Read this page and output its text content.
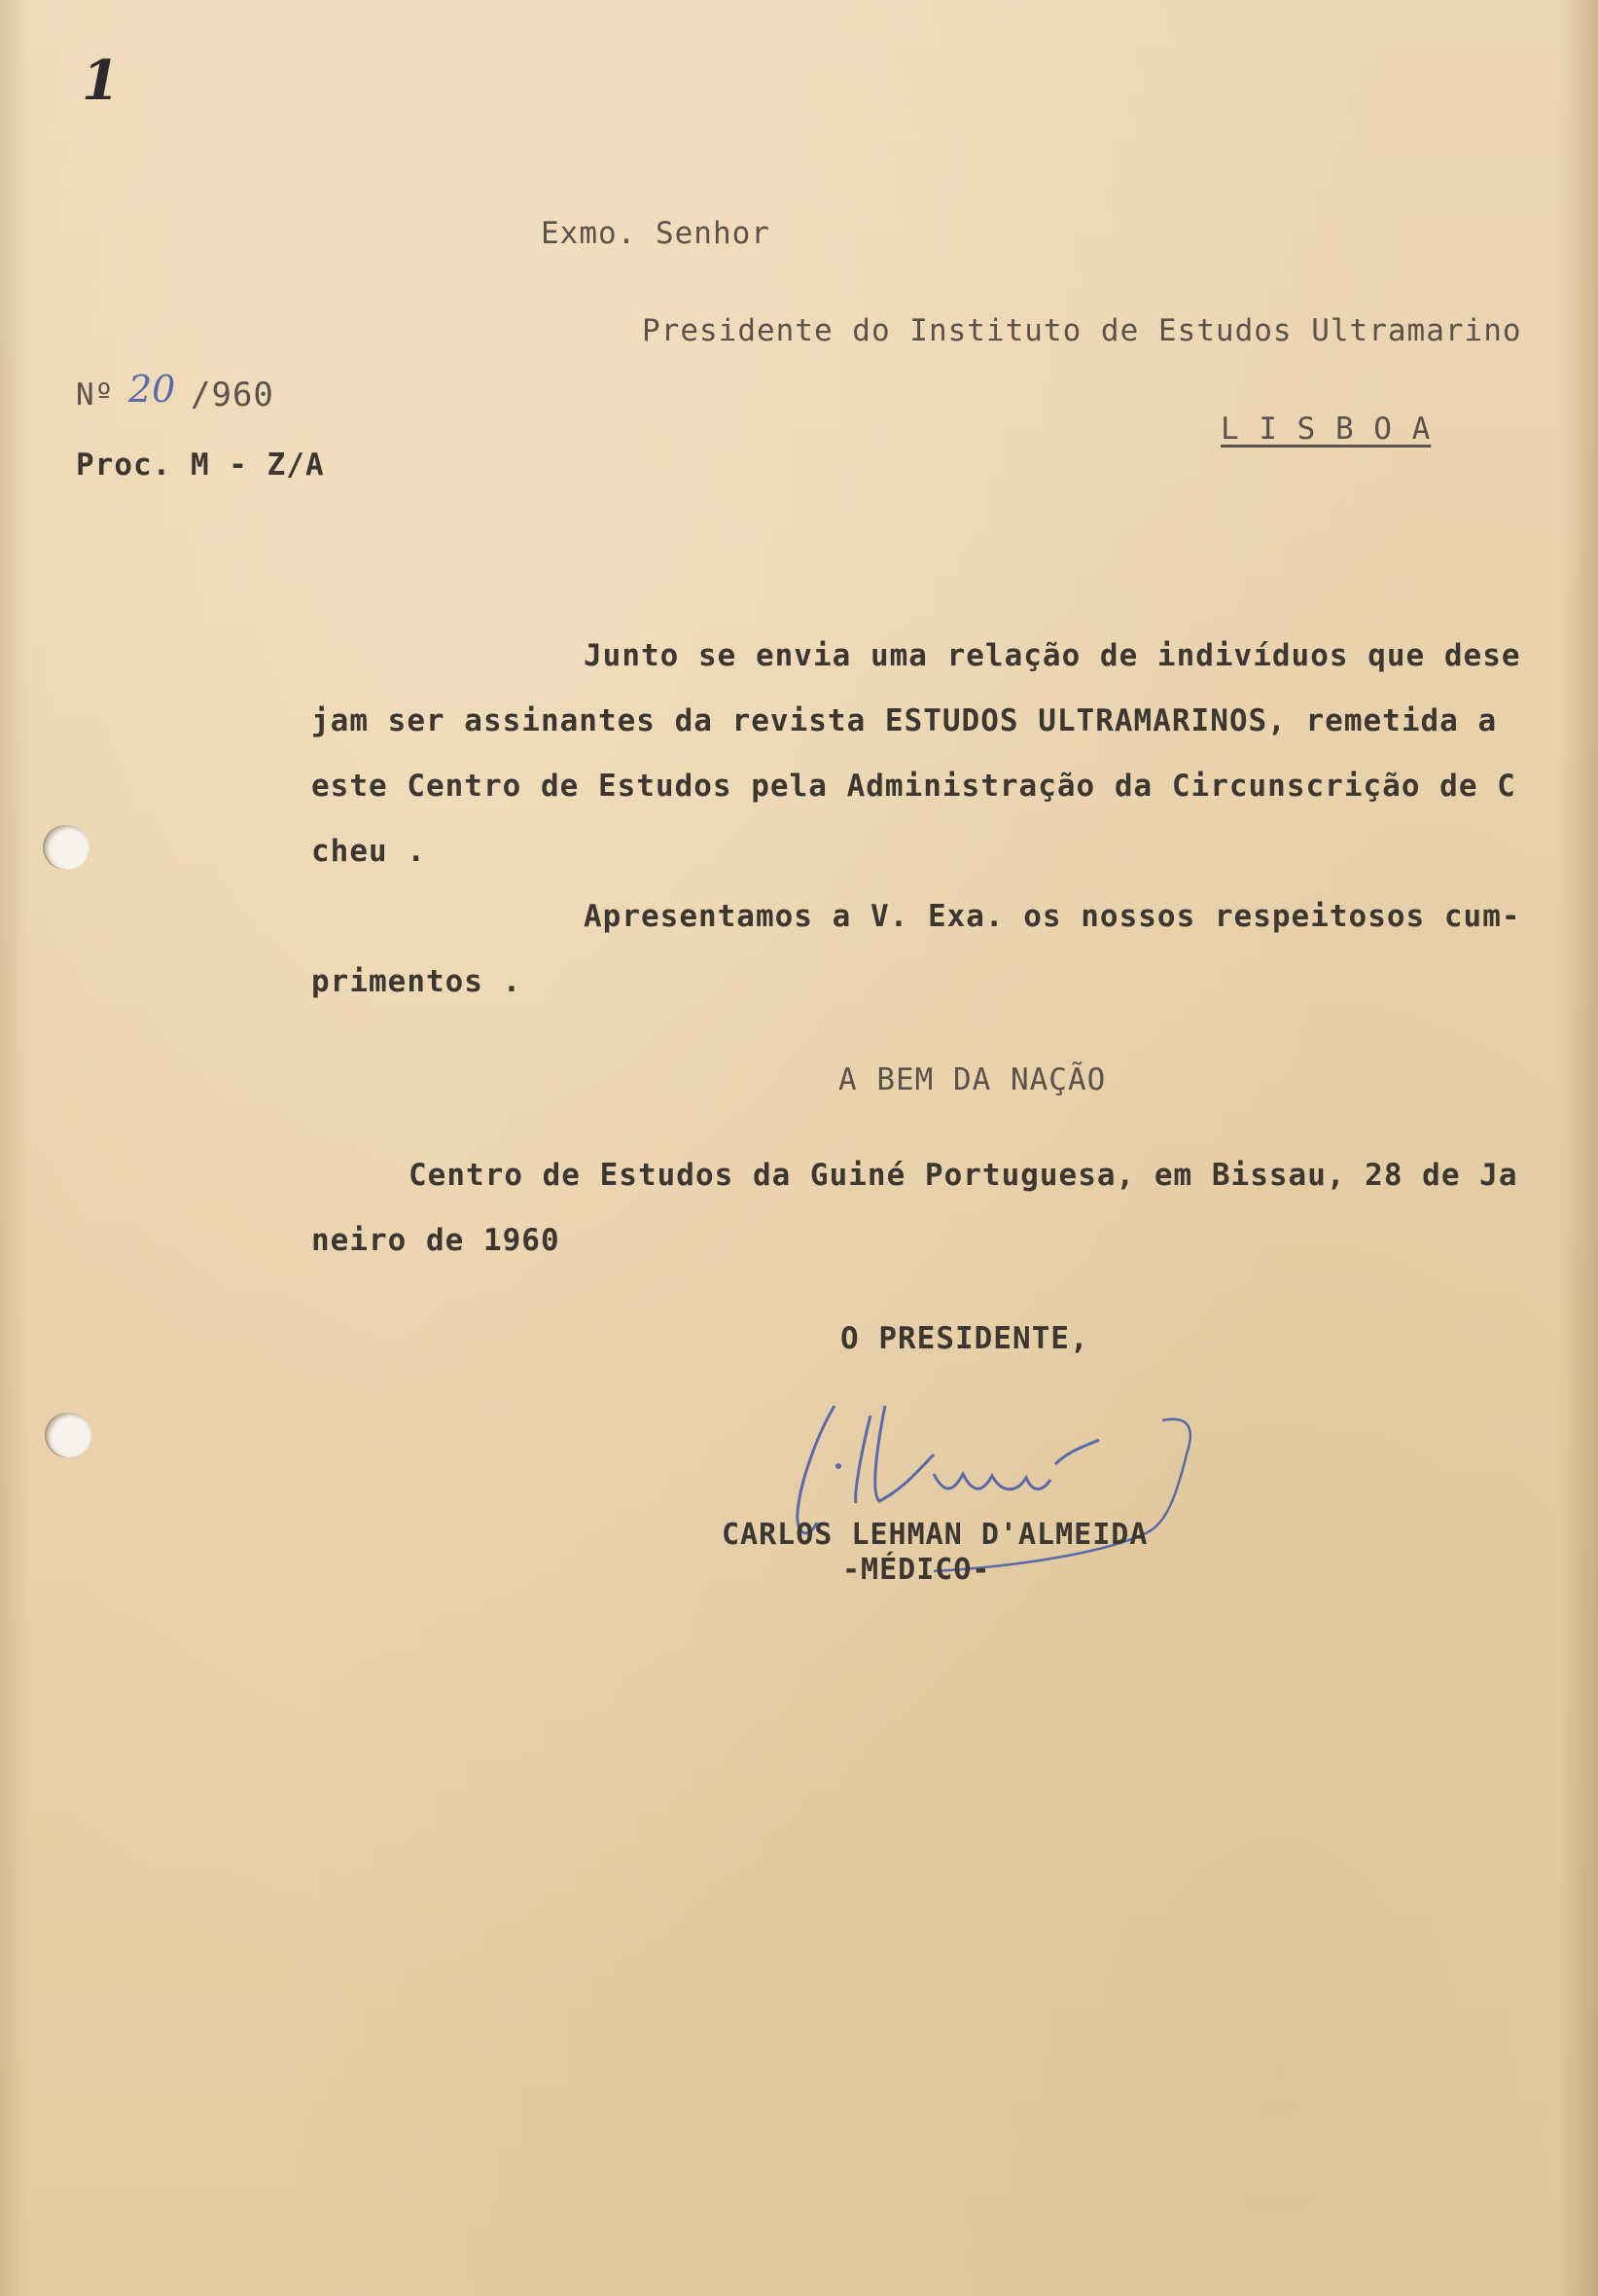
1
Exmo. Senhor
Presidente do Instituto de Estudos Ultramarino
L I S B O A
Nº 20 /960
Proc. M - Z/A
Junto se envia uma relação de indivíduos que dese
jam ser assinantes da revista ESTUDOS ULTRAMARINOS, remetida a
este Centro de Estudos pela Administração da Circunscrição de C
cheu .
Apresentamos a V. Exa. os nossos respeitosos cum-
primentos .
A BEM DA NAÇÃO
Centro de Estudos da Guiné Portuguesa, em Bissau, 28 de Ja
neiro de 1960
O PRESIDENTE,
CARLOS LEHMAN D'ALMEIDA
-MÉDICO-
